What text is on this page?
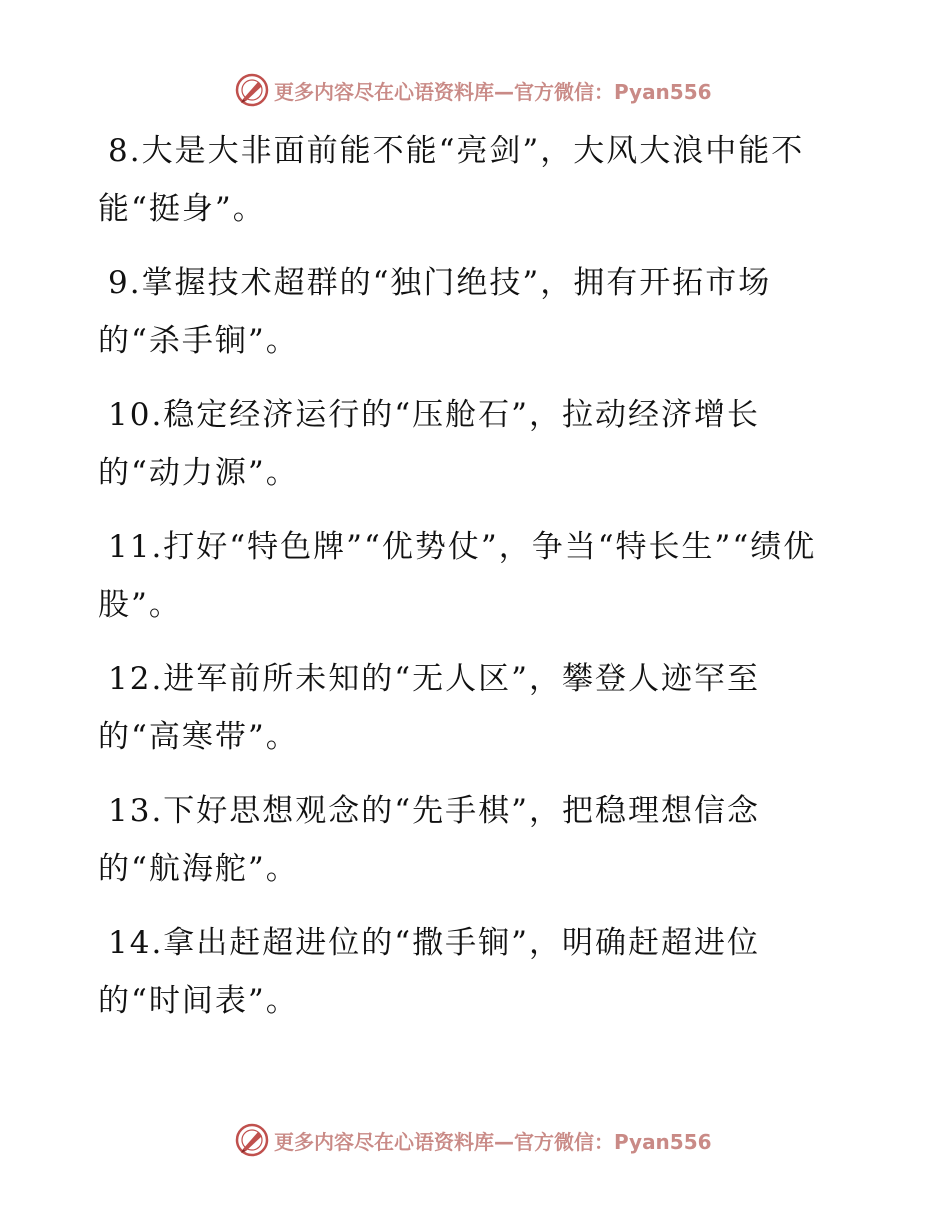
更多内容尽在心语资料库—官方微信：Pyan556
8.大是大非面前能不能“亮剑”，大风大浪中能不能“挺身”。
9.掌握技术超群的“独门绝技”，拥有开拓市场的“杀手锏”。
10.稳定经济运行的“压舱石”，拉动经济增长的“动力源”。
11.打好“特色牌”“优势仗”，争当“特长生”“绩优股”。
12.进军前所未知的“无人区”，攀登人迹罕至的“高寒带”。
13.下好思想观念的“先手棋”，把稳理想信念的“航海舵”。
14.拿出赶超进位的“撒手锏”，明确赶超进位的“时间表”。
更多内容尽在心语资料库—官方微信：Pyan556
